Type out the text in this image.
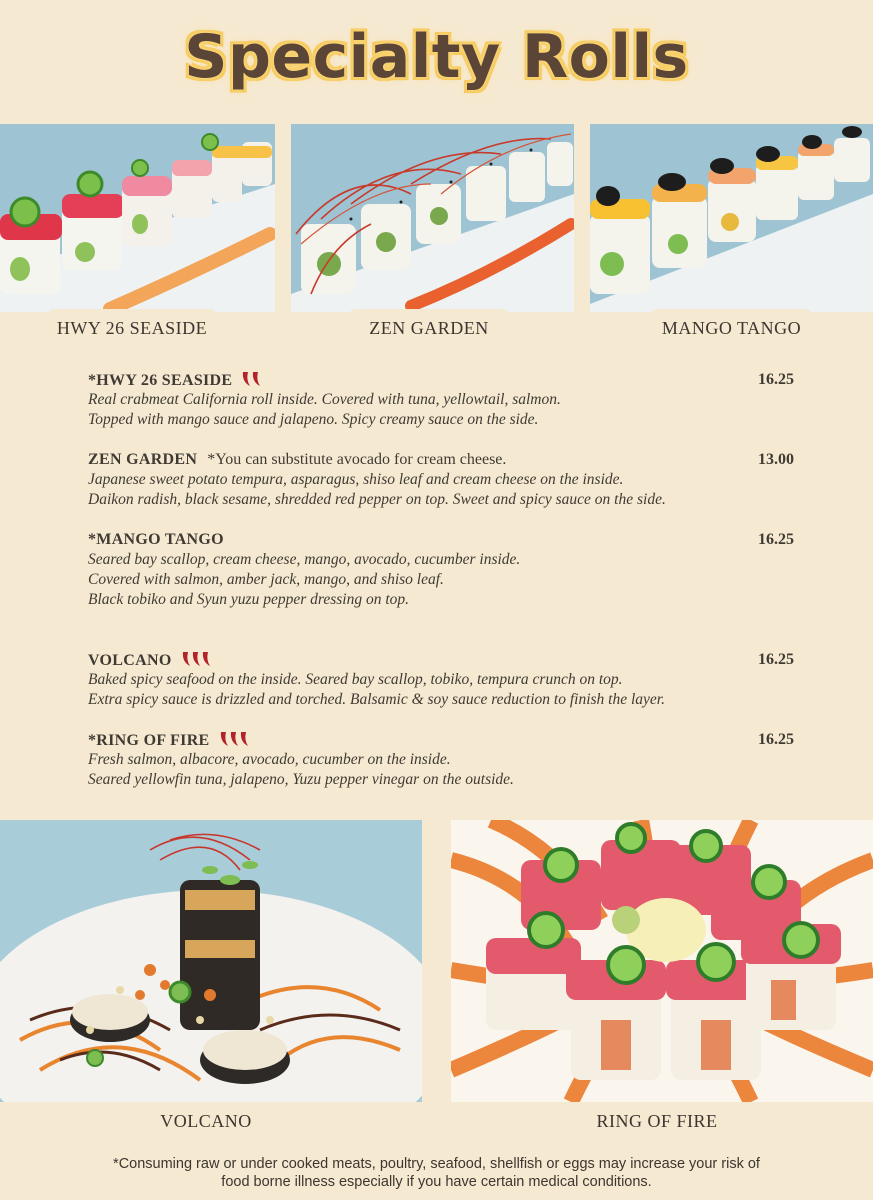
Specialty Rolls
HWY 26 SEASIDE	ZEN GARDEN	MANGO TANGO
*HWY 26 SEASIDE	16.25
Real crabmeat California roll inside. Covered with tuna, yellowtail, salmon.
Topped with mango sauce and jalapeno. Spicy creamy sauce on the side.
ZEN GARDEN *You can substitute avocado for cream cheese.	13.00
Japanese sweet potato tempura, asparagus, shiso leaf and cream cheese on the inside.
Daikon radish, black sesame, shredded red pepper on top. Sweet and spicy sauce on the side.
*MANGO TANGO	16.25
Seared bay scallop, cream cheese, mango, avocado, cucumber inside.
Covered with salmon, amber jack, mango, and shiso leaf.
Black tobiko and Syun yuzu pepper dressing on top.
VOLCANO	16.25
Baked spicy seafood on the inside. Seared bay scallop, tobiko, tempura crunch on top.
Extra spicy sauce is drizzled and torched. Balsamic & soy sauce reduction to finish the layer.
*RING OF FIRE	16.25
Fresh salmon, albacore, avocado, cucumber on the inside.
Seared yellowfin tuna, jalapeno, Yuzu pepper vinegar on the outside.
VOLCANO	RING OF FIRE
*Consuming raw or under cooked meats, poultry, seafood, shellfish or eggs may increase your risk of
food borne illness especially if you have certain medical conditions.
